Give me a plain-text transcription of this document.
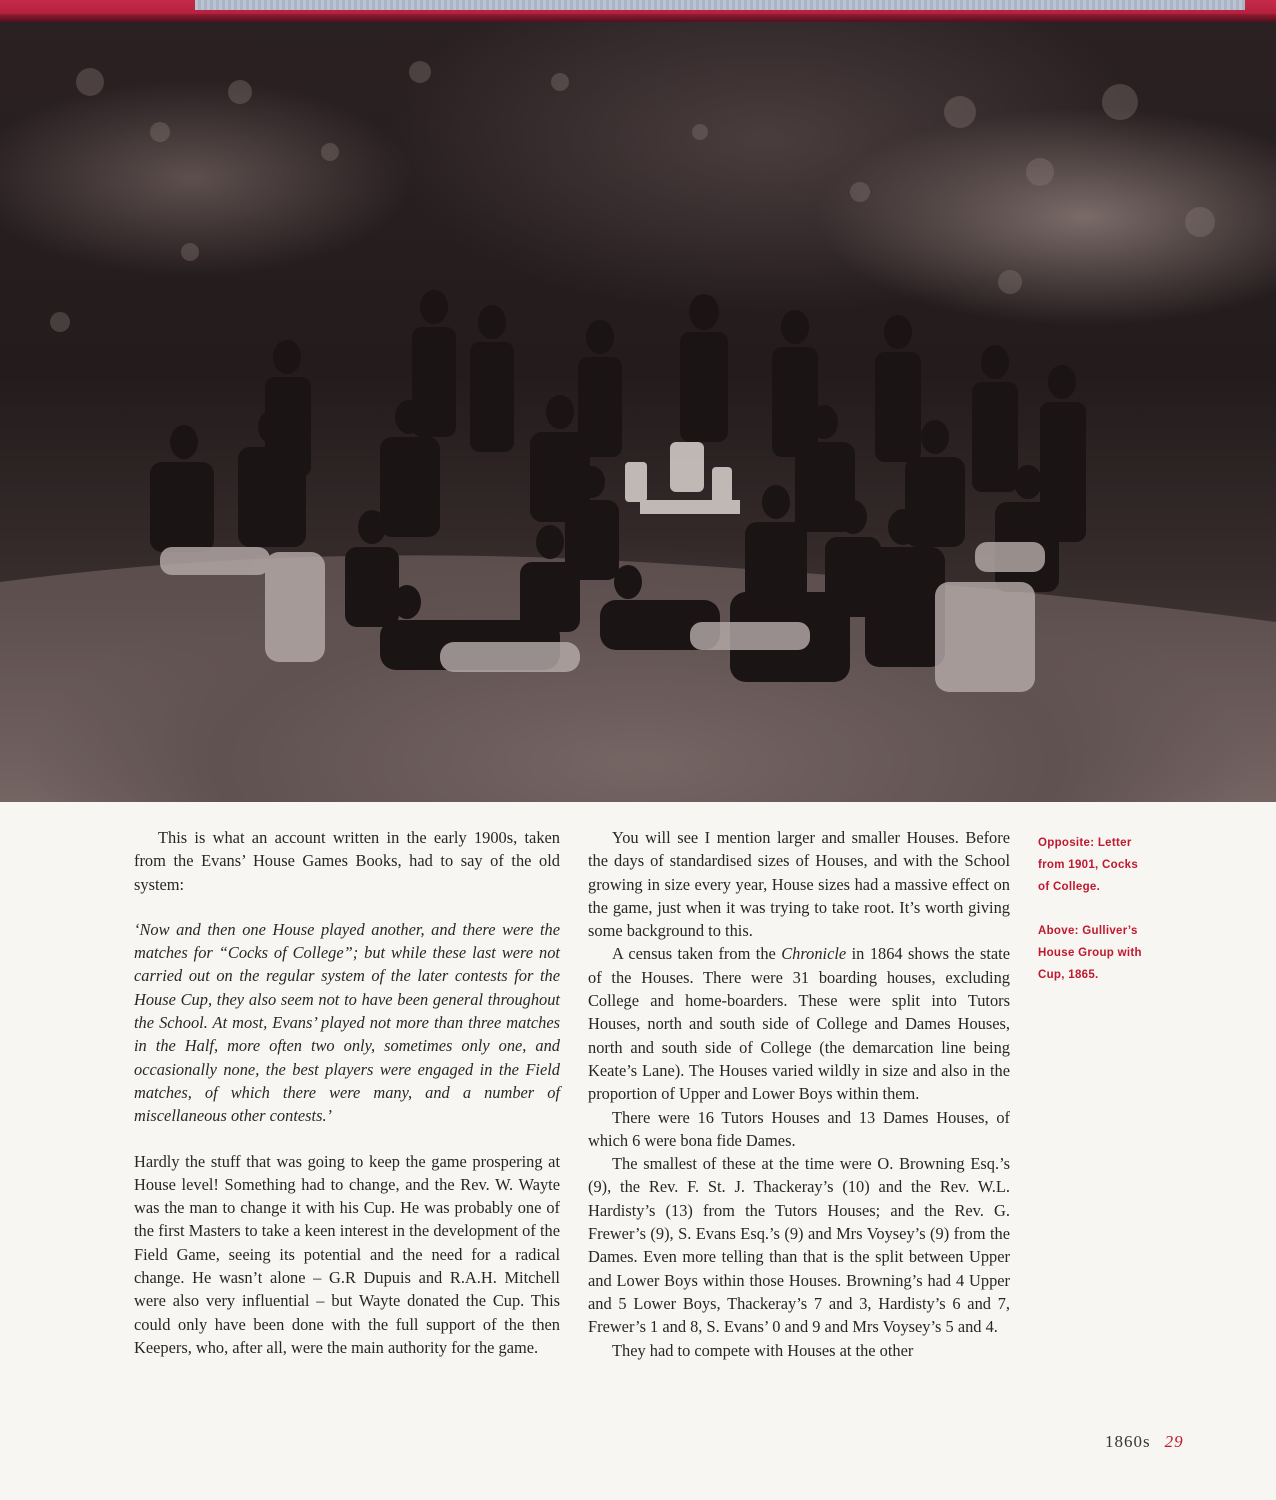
This is what an account written in the early 1900s, taken from the Evans’ House Games Books, had to say of the old system:

‘Now and then one House played another, and there were the matches for “Cocks of College”; but while these last were not carried out on the regular system of the later contests for the House Cup, they also seem not to have been general throughout the School. At most, Evans’ played not more than three matches in the Half, more often two only, sometimes only one, and occasionally none, the best players were engaged in the Field matches, of which there were many, and a number of miscellaneous other contests.’

Hardly the stuff that was going to keep the game prospering at House level! Something had to change, and the Rev. W. Wayte was the man to change it with his Cup. He was probably one of the first Masters to take a keen interest in the development of the Field Game, seeing its potential and the need for a radical change. He wasn’t alone – G.R Dupuis and R.A.H. Mitchell were also very influential – but Wayte donated the Cup. This could only have been done with the full support of the then Keepers, who, after all, were the main authority for the game.

You will see I mention larger and smaller Houses. Before the days of standardised sizes of Houses, and with the School growing in size every year, House sizes had a massive effect on the game, just when it was trying to take root. It’s worth giving some background to this.

A census taken from the Chronicle in 1864 shows the state of the Houses. There were 31 boarding houses, excluding College and home-boarders. These were split into Tutors Houses, north and south side of College and Dames Houses, north and south side of College (the demarcation line being Keate’s Lane). The Houses varied wildly in size and also in the proportion of Upper and Lower Boys within them.

There were 16 Tutors Houses and 13 Dames Houses, of which 6 were bona fide Dames.

The smallest of these at the time were O. Browning Esq.’s (9), the Rev. F. St. J. Thackeray’s (10) and the Rev. W.L. Hardisty’s (13) from the Tutors Houses; and the Rev. G. Frewer’s (9), S. Evans Esq.’s (9) and Mrs Voysey’s (9) from the Dames. Even more telling than that is the split between Upper and Lower Boys within those Houses. Browning’s had 4 Upper and 5 Lower Boys, Thackeray’s 7 and 3, Hardisty’s 6 and 7, Frewer’s 1 and 8, S. Evans’ 0 and 9 and Mrs Voysey’s 5 and 4.

They had to compete with Houses at the other

Opposite: Letter from 1901, Cocks of College.

Above: Gulliver’s House Group with Cup, 1865.

1860s 29
